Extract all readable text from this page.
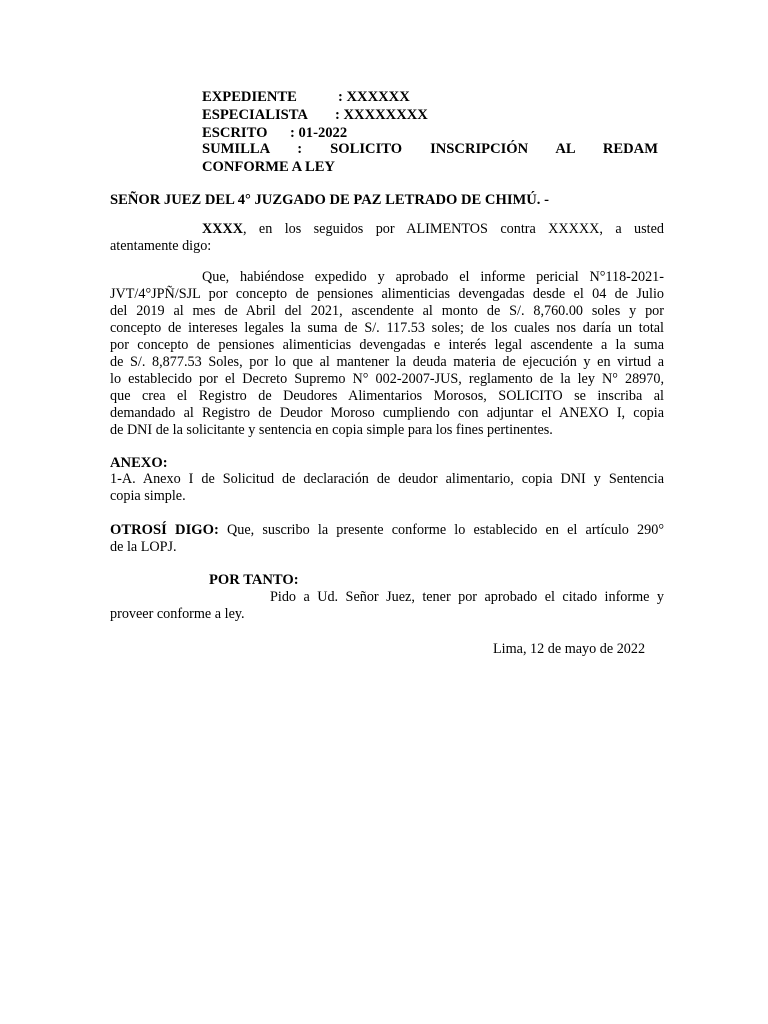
EXPEDIENTE	: XXXXXX
ESPECIALISTA : XXXXXXXX
ESCRITO : 01-2022
SUMILLA : SOLICITO INSCRIPCIÓN AL REDAM
CONFORME A LEY
SEÑOR JUEZ DEL 4° JUZGADO DE PAZ LETRADO DE CHIMÚ. -
XXXX, en los seguidos por ALIMENTOS contra XXXXX, a usted
atentamente digo:
Que, habiéndose expedido y aprobado el informe pericial N°118-2021-
JVT/4°JPÑ/SJL por concepto de pensiones alimenticias devengadas desde el 04 de Julio
del 2019 al mes de Abril del 2021, ascendente al monto de S/. 8,760.00 soles y por
concepto de intereses legales la suma de S/. 117.53 soles; de los cuales nos daría un total
por concepto de pensiones alimenticias devengadas e interés legal ascendente a la suma
de S/. 8,877.53 Soles, por lo que al mantener la deuda materia de ejecución y en virtud a
lo establecido por el Decreto Supremo N° 002-2007-JUS, reglamento de la ley N° 28970,
que crea el Registro de Deudores Alimentarios Morosos, SOLICITO se inscriba al
demandado al Registro de Deudor Moroso cumpliendo con adjuntar el ANEXO I, copia
de DNI de la solicitante y sentencia en copia simple para los fines pertinentes.
ANEXO:
1-A. Anexo I de Solicitud de declaración de deudor alimentario, copia DNI y Sentencia
copia simple.
OTROSÍ DIGO: Que, suscribo la presente conforme lo establecido en el artículo 290°
de la LOPJ.
POR TANTO:
Pido a Ud. Señor Juez, tener por aprobado el citado informe y
proveer conforme a ley.
Lima, 12 de mayo de 2022
